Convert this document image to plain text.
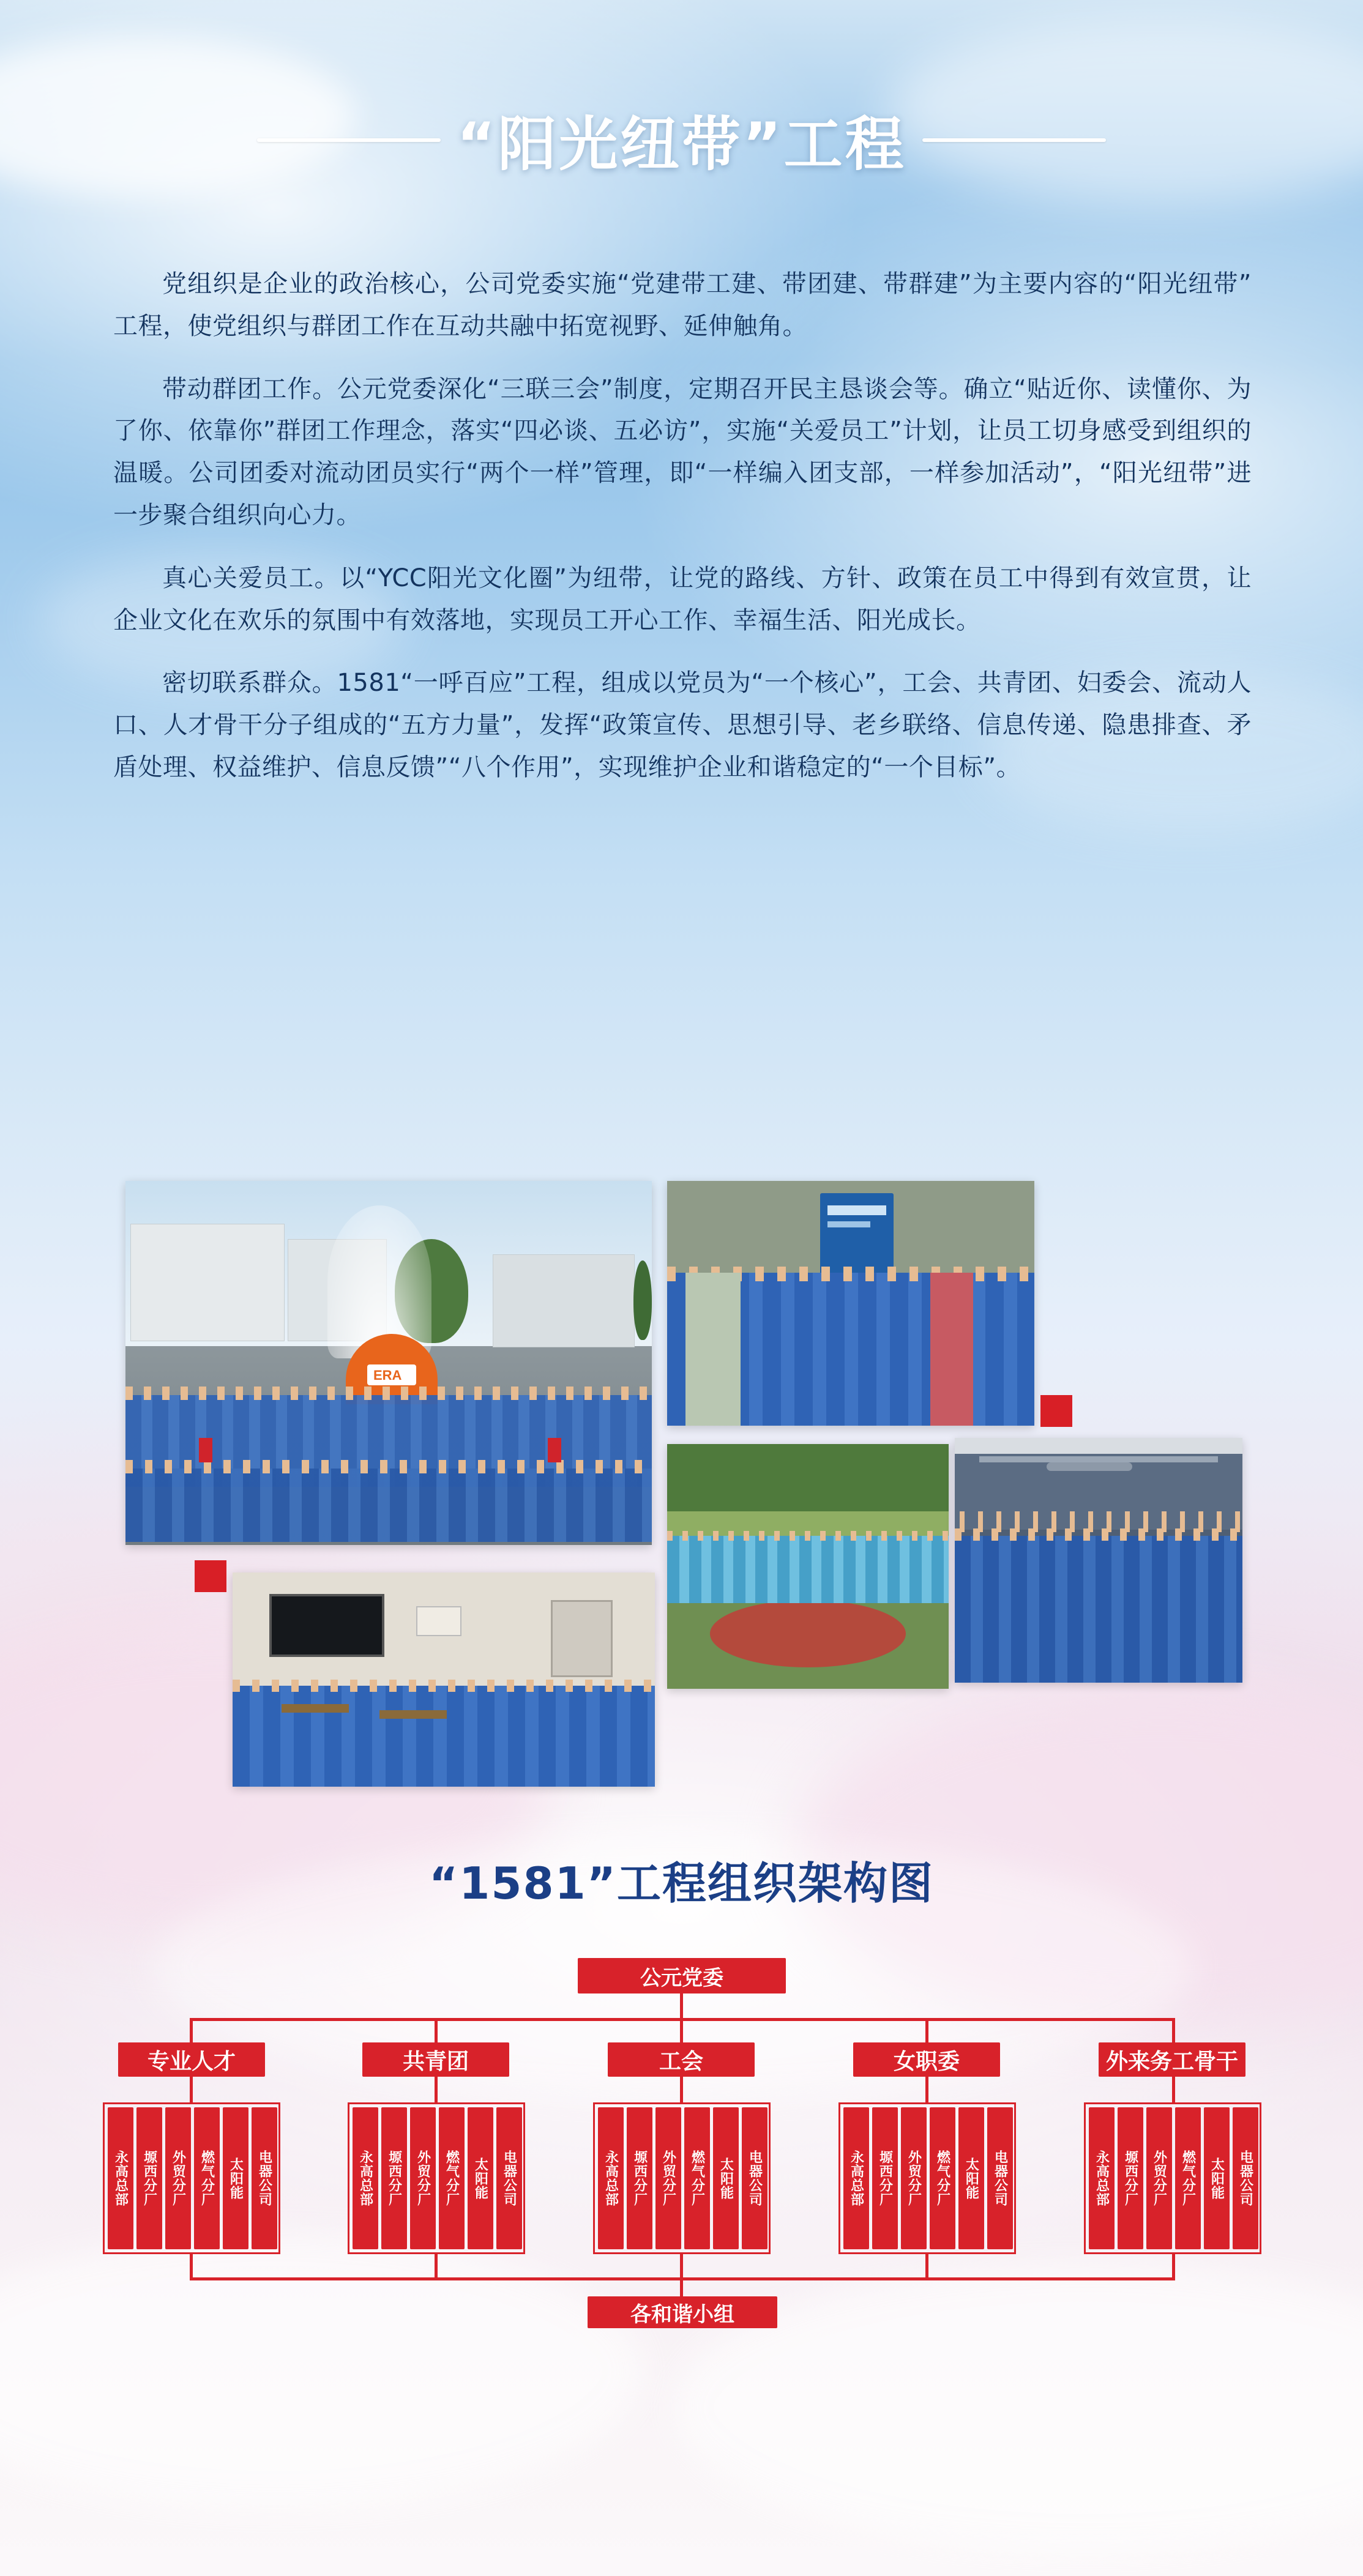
“阳光纽带”工程

党组织是企业的政治核心，公司党委实施“党建带工建、带团建、带群建”为主要内容的“阳光纽带”工程，使党组织与群团工作在互动共融中拓宽视野、延伸触角。

带动群团工作。公元党委深化“三联三会”制度，定期召开民主恳谈会等。确立“贴近你、读懂你、为了你、依靠你”群团工作理念，落实“四必谈、五必访”，实施“关爱员工”计划，让员工切身感受到组织的温暖。公司团委对流动团员实行“两个一样”管理，即“一样编入团支部，一样参加活动”，“阳光纽带”进一步聚合组织向心力。

真心关爱员工。以“YCC阳光文化圈”为纽带，让党的路线、方针、政策在员工中得到有效宣贯，让企业文化在欢乐的氛围中有效落地，实现员工开心工作、幸福生活、阳光成长。

密切联系群众。1581“一呼百应”工程，组成以党员为“一个核心”，工会、共青团、妇委会、流动人口、人才骨干分子组成的“五方力量”，发挥“政策宣传、思想引导、老乡联络、信息传递、隐患排查、矛盾处理、权益维护、信息反馈”“八个作用”，实现维护企业和谐稳定的“一个目标”。

ERA
“1581”工程组织架构图
公元党委
专业人才	共青团	工会	女职委	外来务工骨干
永高总部	塬西分厂	外贸分厂	燃气分厂	太阳能	电器公司	永高总部	塬西分厂	外贸分厂	燃气分厂	太阳能	电器公司	永高总部	塬西分厂	外贸分厂	燃气分厂	太阳能	电器公司	永高总部	塬西分厂	外贸分厂	燃气分厂	太阳能	电器公司	永高总部	塬西分厂	外贸分厂	燃气分厂	太阳能	电器公司
各和谐小组
